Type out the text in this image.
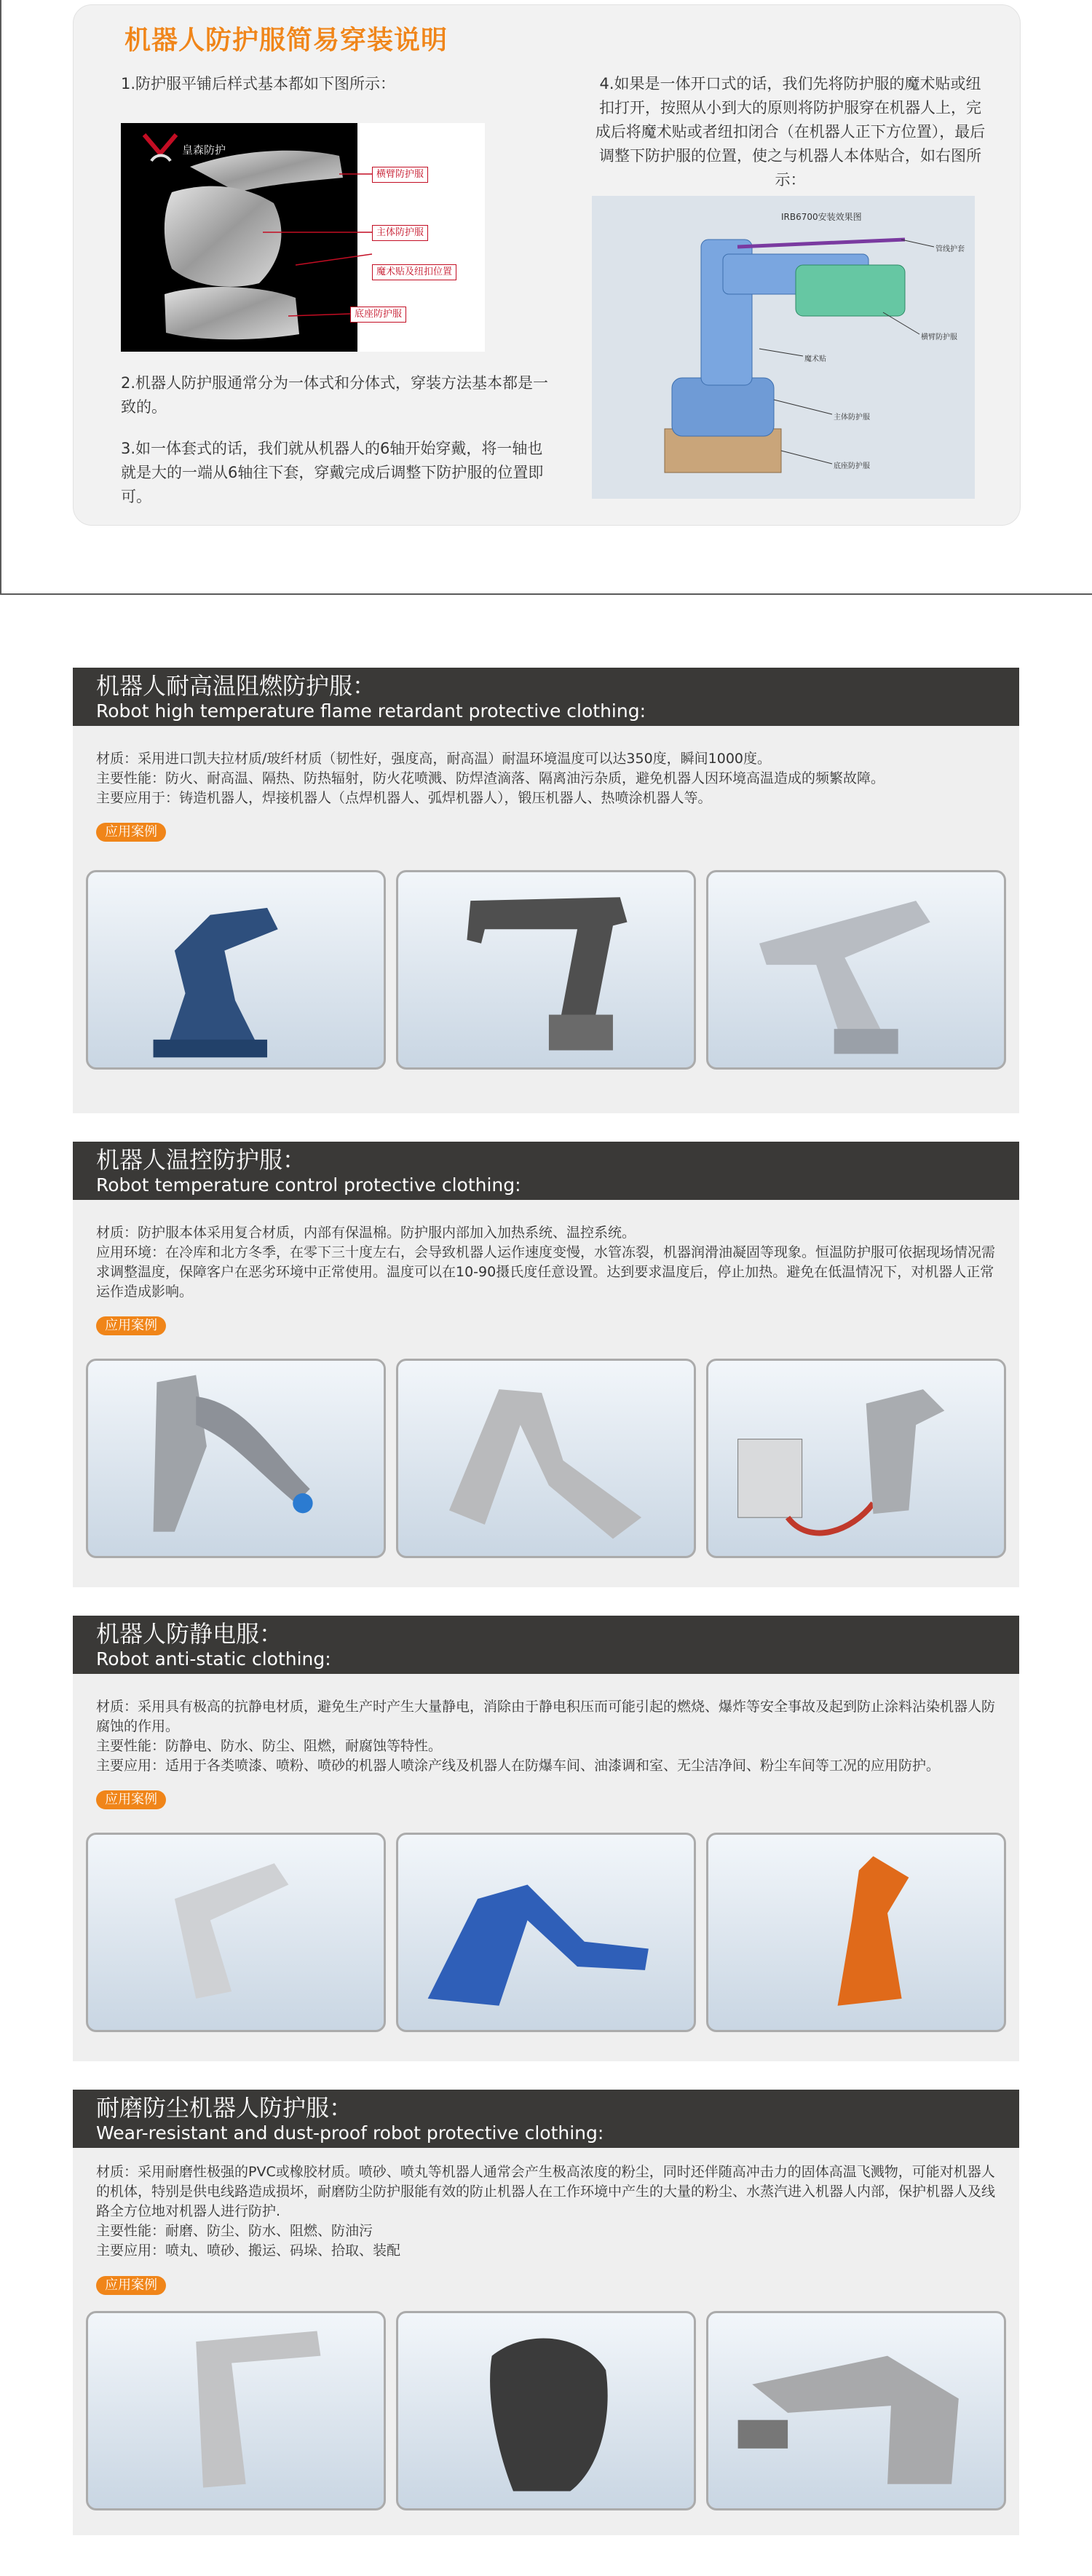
机器人防护服简易穿装说明
1.防护服平铺后样式基本都如下图所示：
皇森防护
横臂防护服
主体防护服
魔术贴及纽扣位置
底座防护服
2.机器人防护服通常分为一体式和分体式，穿装方法基本都是一致的。
3.如一体套式的话，我们就从机器人的6轴开始穿戴，将一轴也就是大的一端从6轴往下套，穿戴完成后调整下防护服的位置即可。
4.如果是一体开口式的话，我们先将防护服的魔术贴或纽扣打开，按照从小到大的原则将防护服穿在机器人上，完成后将魔术贴或者纽扣闭合（在机器人正下方位置），最后调整下防护服的位置，使之与机器人本体贴合，如右图所示：
IRB6700安装效果图
管线护套
横臂防护服
魔术贴
主体防护服
底座防护服
机器人耐高温阻燃防护服：
Robot high temperature flame retardant protective clothing:
材质：采用进口凯夫拉材质/玻纤材质（韧性好，强度高，耐高温）耐温环境温度可以达350度，瞬间1000度。
主要性能：防火、耐高温、隔热、防热辐射，防火花喷溅、防焊渣滴落、隔离油污杂质，避免机器人因环境高温造成的频繁故障。
主要应用于：铸造机器人，焊接机器人（点焊机器人、弧焊机器人），锻压机器人、热喷涂机器人等。
应用案例
机器人温控防护服：
Robot temperature control protective clothing:
材质：防护服本体采用复合材质，内部有保温棉。防护服内部加入加热系统、温控系统。
应用环境：在冷库和北方冬季，在零下三十度左右，会导致机器人运作速度变慢，水管冻裂，机器润滑油凝固等现象。恒温防护服可依据现场情况需求调整温度，保障客户在恶劣环境中正常使用。温度可以在10-90摄氏度任意设置。达到要求温度后，停止加热。避免在低温情况下，对机器人正常运作造成影响。
应用案例
机器人防静电服：
Robot anti-static clothing:
材质：采用具有极高的抗静电材质，避免生产时产生大量静电，消除由于静电积压而可能引起的燃烧、爆炸等安全事故及起到防止涂料沾染机器人防腐蚀的作用。
主要性能：防静电、防水、防尘、阻燃，耐腐蚀等特性。
主要应用：适用于各类喷漆、喷粉、喷砂的机器人喷涂产线及机器人在防爆车间、油漆调和室、无尘洁净间、粉尘车间等工况的应用防护。
应用案例
耐磨防尘机器人防护服：
Wear-resistant and dust-proof robot protective clothing:
材质：采用耐磨性极强的PVC或橡胶材质。喷砂、喷丸等机器人通常会产生极高浓度的粉尘，同时还伴随高冲击力的固体高温飞溅物，可能对机器人的机体，特别是供电线路造成损坏，耐磨防尘防护服能有效的防止机器人在工作环境中产生的大量的粉尘、水蒸汽进入机器人内部，保护机器人及线路全方位地对机器人进行防护.
主要性能：耐磨、防尘、防水、阻燃、防油污
主要应用：喷丸、喷砂、搬运、码垛、拾取、装配
应用案例
